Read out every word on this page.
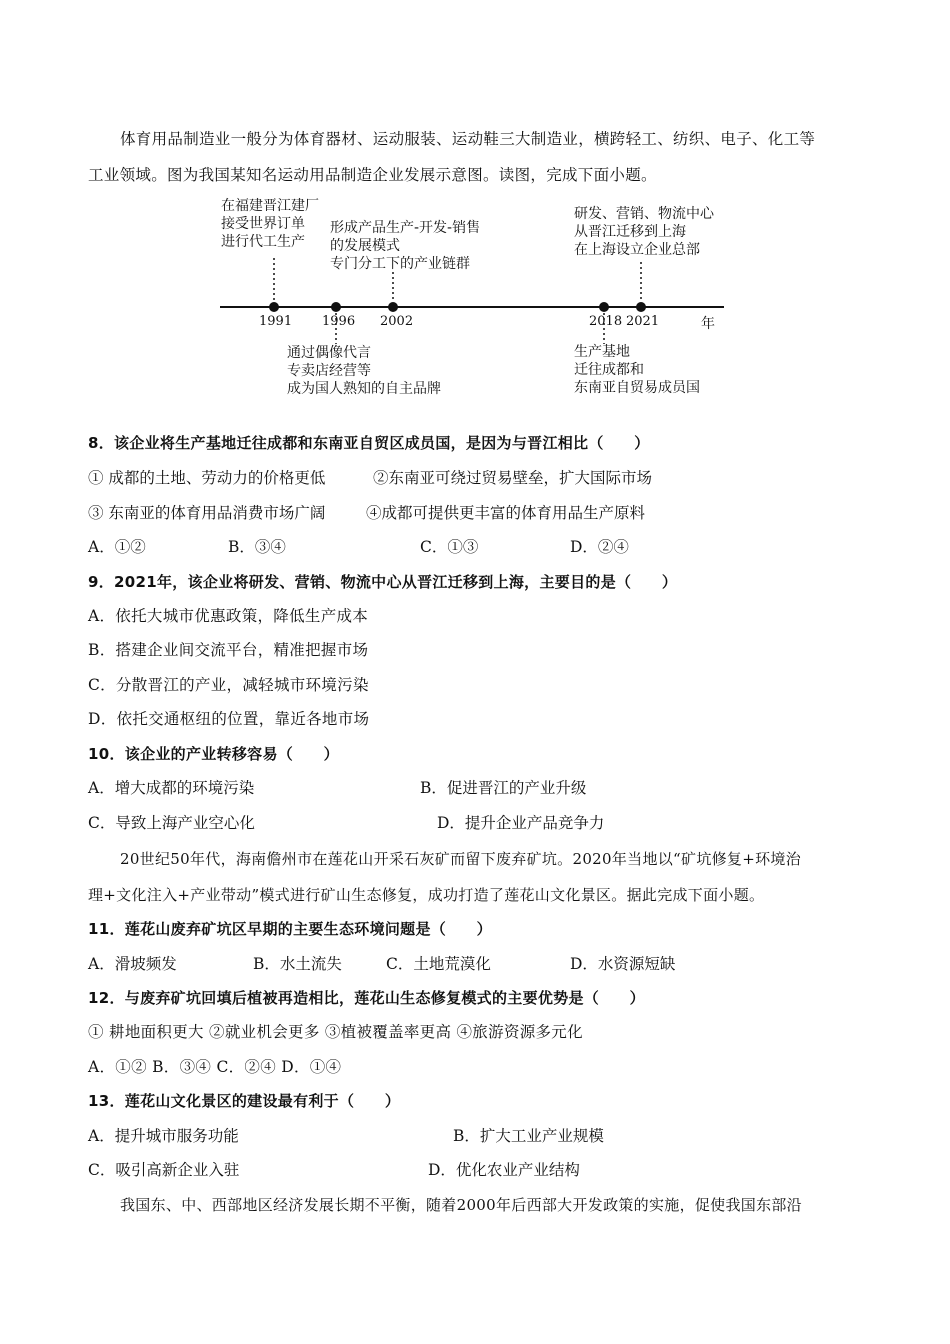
体育用品制造业一般分为体育器材、运动服装、运动鞋三大制造业，横跨轻工、纺织、电子、化工等
工业领域。图为我国某知名运动用品制造企业发展示意图。读图，完成下面小题。
1991 1996 2002	2018 2021	年
在福建晋江建厂
接受世界订单
进行代工生产
形成产品生产-开发-销售
的发展模式
专门分工下的产业链群
研发、营销、物流中心
从晋江迁移到上海
在上海设立企业总部
通过偶像代言
专卖店经营等
成为国人熟知的自主品牌
生产基地
迁往成都和
东南亚自贸易成员国
8．该企业将生产基地迁往成都和东南亚自贸区成员国，是因为与晋江相比（　　）
① 成都的土地、劳动力的价格更低	②东南亚可绕过贸易壁垒，扩大国际市场
③ 东南亚的体育用品消费市场广阔	④成都可提供更丰富的体育用品生产原料
A．①②	B．③④	C．①③	D．②④
9．2021年，该企业将研发、营销、物流中心从晋江迁移到上海，主要目的是（　　）
A．依托大城市优惠政策，降低生产成本
B．搭建企业间交流平台，精准把握市场
C．分散晋江的产业，减轻城市环境污染
D．依托交通枢纽的位置，靠近各地市场
10．该企业的产业转移容易（　　）
A．增大成都的环境污染	B．促进晋江的产业升级
C．导致上海产业空心化	D．提升企业产品竞争力
20世纪50年代，海南儋州市在莲花山开采石灰矿而留下废弃矿坑。2020年当地以“矿坑修复+环境治
理+文化注入+产业带动”模式进行矿山生态修复，成功打造了莲花山文化景区。据此完成下面小题。
11．莲花山废弃矿坑区早期的主要生态环境问题是（　　）
A．滑坡频发	B．水土流失	C．土地荒漠化	D．水资源短缺
12．与废弃矿坑回填后植被再造相比，莲花山生态修复模式的主要优势是（　　）
① 耕地面积更大 ②就业机会更多 ③植被覆盖率更高 ④旅游资源多元化
A．①② B．③④ C．②④ D．①④
13．莲花山文化景区的建设最有利于（　　）
A．提升城市服务功能	B．扩大工业产业规模
C．吸引高新企业入驻	D．优化农业产业结构
我国东、中、西部地区经济发展长期不平衡，随着2000年后西部大开发政策的实施，促使我国东部沿
